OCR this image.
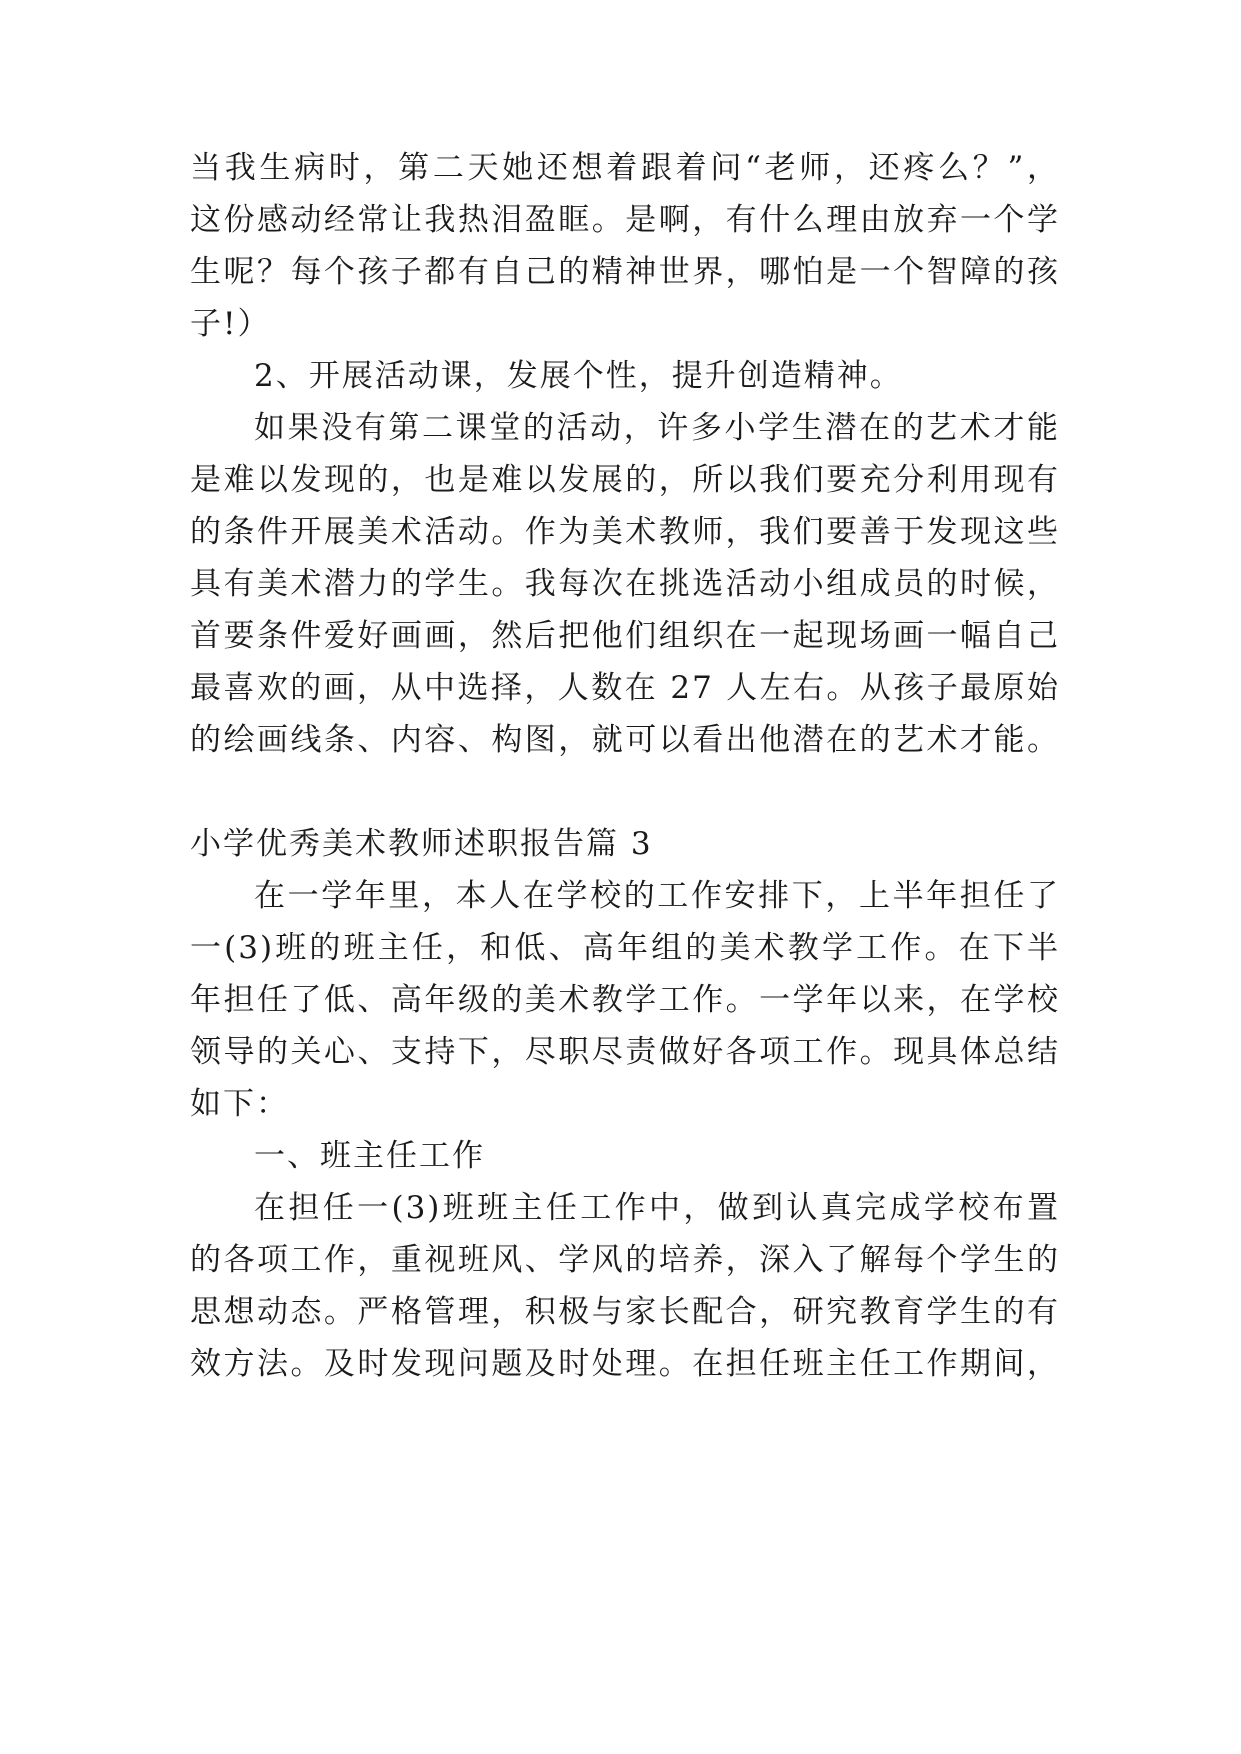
当我生病时，第二天她还想着跟着问“老师，还疼么？”，
这份感动经常让我热泪盈眶。是啊，有什么理由放弃一个学
生呢？每个孩子都有自己的精神世界，哪怕是一个智障的孩
子!）
2、开展活动课，发展个性，提升创造精神。
如果没有第二课堂的活动，许多小学生潜在的艺术才能
是难以发现的，也是难以发展的，所以我们要充分利用现有
的条件开展美术活动。作为美术教师，我们要善于发现这些
具有美术潜力的学生。我每次在挑选活动小组成员的时候，
首要条件爱好画画，然后把他们组织在一起现场画一幅自己
最喜欢的画，从中选择，人数在 27 人左右。从孩子最原始
的绘画线条、内容、构图，就可以看出他潜在的艺术才能。
小学优秀美术教师述职报告篇 3
在一学年里，本人在学校的工作安排下，上半年担任了
一(3)班的班主任，和低、高年组的美术教学工作。在下半
年担任了低、高年级的美术教学工作。一学年以来，在学校
领导的关心、支持下，尽职尽责做好各项工作。现具体总结
如下：
一、班主任工作
在担任一(3)班班主任工作中，做到认真完成学校布置
的各项工作，重视班风、学风的培养，深入了解每个学生的
思想动态。严格管理，积极与家长配合，研究教育学生的有
效方法。及时发现问题及时处理。在担任班主任工作期间，
